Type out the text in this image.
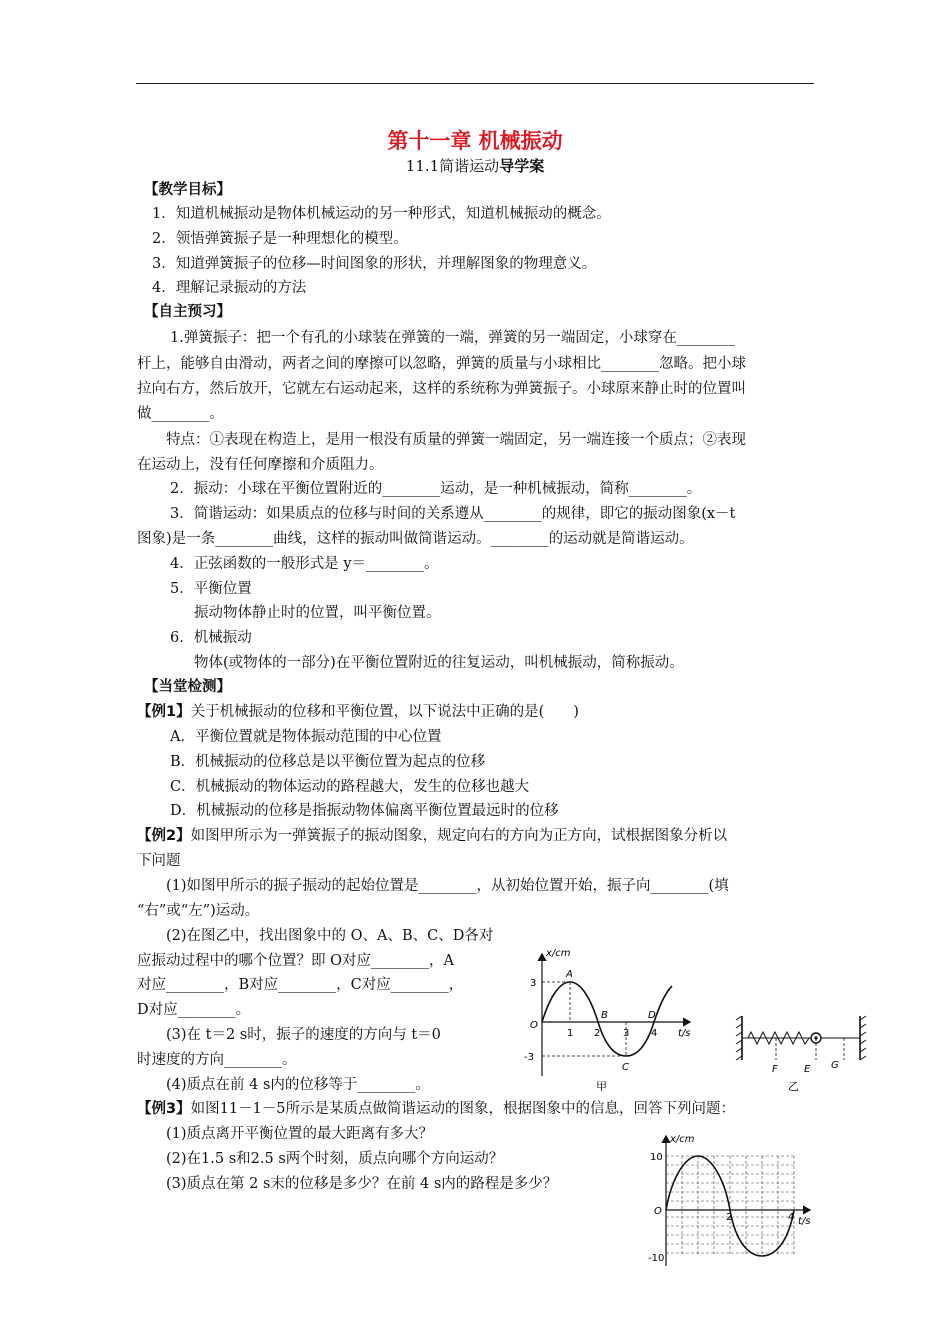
第十一章 机械振动
11.1简谐运动导学案
【教学目标】
1．知道机械振动是物体机械运动的另一种形式，知道机械振动的概念。
2．领悟弹簧振子是一种理想化的模型。
3．知道弹簧振子的位移—时间图象的形状，并理解图象的物理意义。
4．理解记录振动的方法
【自主预习】
1.弹簧振子：把一个有孔的小球装在弹簧的一端，弹簧的另一端固定，小球穿在________
杆上，能够自由滑动，两者之间的摩擦可以忽略，弹簧的质量与小球相比________忽略。把小球
拉向右方，然后放开，它就左右运动起来，这样的系统称为弹簧振子。小球原来静止时的位置叫
做________。
特点：①表现在构造上，是用一根没有质量的弹簧一端固定，另一端连接一个质点；②表现
在运动上，没有任何摩擦和介质阻力。
2．振动：小球在平衡位置附近的________运动，是一种机械振动，简称________。
3．简谐运动：如果质点的位移与时间的关系遵从________的规律，即它的振动图象(x－t
图象)是一条________曲线，这样的振动叫做简谐运动。________的运动就是简谐运动。
4．正弦函数的一般形式是 y＝________。
5．平衡位置
振动物体静止时的位置，叫平衡位置。
6．机械振动
物体(或物体的一部分)在平衡位置附近的往复运动，叫机械振动，简称振动。
【当堂检测】
【例1】关于机械振动的位移和平衡位置，以下说法中正确的是(　　)
A．平衡位置就是物体振动范围的中心位置
B．机械振动的位移总是以平衡位置为起点的位移
C．机械振动的物体运动的路程越大，发生的位移也越大
D．机械振动的位移是指振动物体偏离平衡位置最远时的位移
【例2】如图甲所示为一弹簧振子的振动图象，规定向右的方向为正方向，试根据图象分析以
下问题
(1)如图甲所示的振子振动的起始位置是________，从初始位置开始，振子向________(填
“右”或“左”)运动。
(2)在图乙中，找出图象中的 O、A、B、C、D各对
应振动过程中的哪个位置？即 O对应________，A
对应________，B对应________，C对应________，
D对应________。
(3)在 t＝2 s时，振子的速度的方向与 t＝0
时速度的方向________。
(4)质点在前 4 s内的位移等于________。
x/cm
t/s
3
O
-3
1 2 3 4
A
B
C
D
甲
F	E G
乙
【例3】如图11－1－5所示是某质点做简谐运动的图象，根据图象中的信息，回答下列问题：
(1)质点离开平衡位置的最大距离有多大？
(2)在1.5 s和2.5 s两个时刻，质点向哪个方向运动？
(3)质点在第 2 s末的位移是多少？在前 4 s内的路程是多少？
x/cm
t/s
10
O
-10
2	4
